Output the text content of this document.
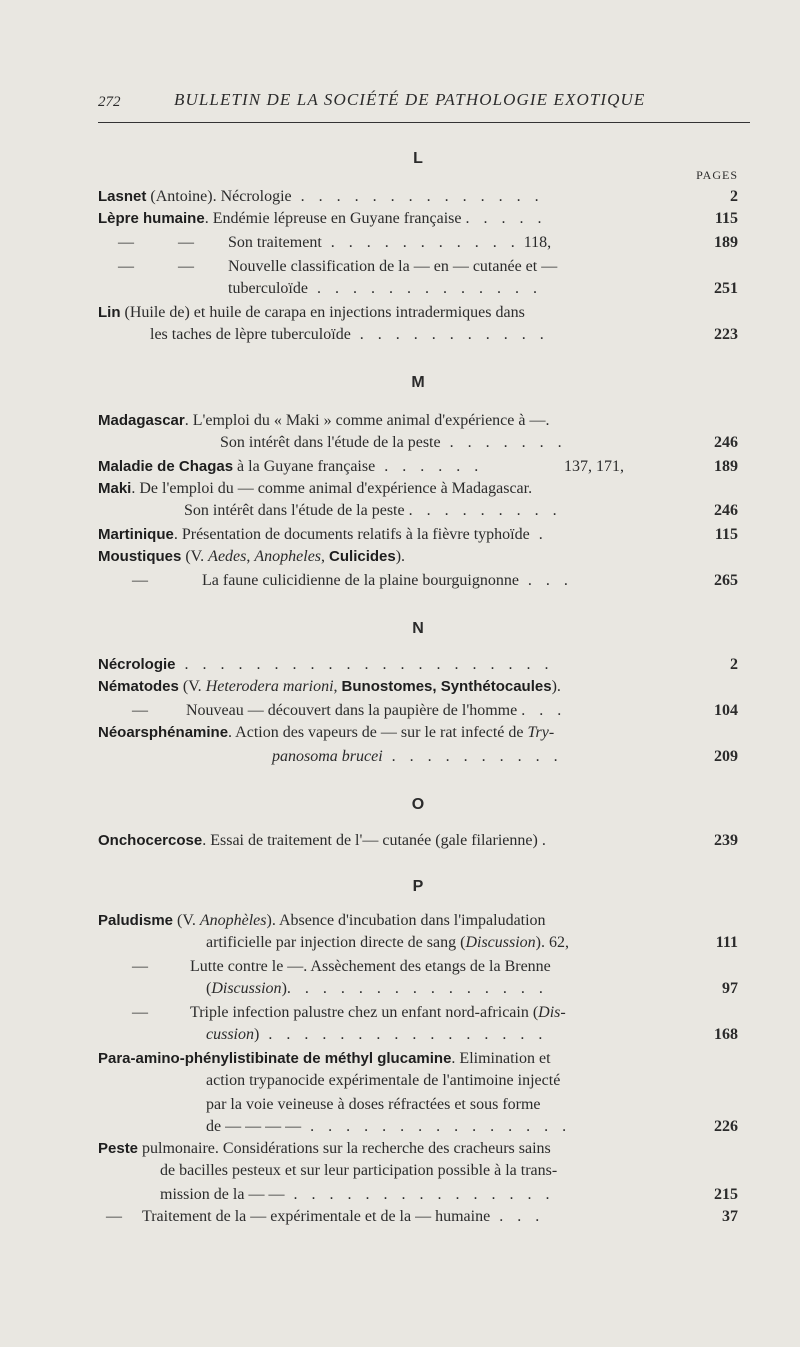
272	BULLETIN DE LA SOCIÉTÉ DE PATHOLOGIE EXOTIQUE
L
PAGES
Lasnet (Antoine). Nécrologie . . . . . . . . . . . . . .	2
Lèpre humaine. Endémie lépreuse en Guyane française . . . . .	115
—	— Son traitement . . . . . . . . . . . 118,	189
—	— Nouvelle classification de la — en — cutanée et —
tuberculoïde . . . . . . . . . . . . .	251
Lin (Huile de) et huile de carapa en injections intradermiques dans
les taches de lèpre tuberculoïde . . . . . . . . . . .	223
M
Madagascar. L'emploi du « Maki » comme animal d'expérience à —.
Son intérêt dans l'étude de la peste . . . . . . .	246
Maladie de Chagas à la Guyane française . . . . . .	137, 171,	189
Maki. De l'emploi du — comme animal d'expérience à Madagascar.
Son intérêt dans l'étude de la peste . . . . . . . . .	246
Martinique. Présentation de documents relatifs à la fièvre typhoïde .	115
Moustiques (V. Aedes, Anopheles, Culicides).
—	La faune culicidienne de la plaine bourguignonne . . .	265
N
Nécrologie . . . . . . . . . . . . . . . . . . . . .	2
Nématodes (V. Heterodera marioni, Bunostomes, Synthétocaules).
— Nouveau — découvert dans la paupière de l'homme . . .	104
Néoarsphénamine. Action des vapeurs de — sur le rat infecté de Try-
panosoma brucei . . . . . . . . . .	209
O
Onchocercose. Essai de traitement de l'— cutanée (gale filarienne) .	239
P
Paludisme (V. Anophèles). Absence d'incubation dans l'impaludation
artificielle par injection directe de sang (Discussion). 62,	111
—	Lutte contre le —. Assèchement des etangs de la Brenne
(Discussion). . . . . . . . . . . . . . .	97
—	Triple infection palustre chez un enfant nord-africain (Dis-
cussion) . . . . . . . . . . . . . . . .	168
Para-amino-phénylistibinate de méthyl glucamine. Elimination et
action trypanocide expérimentale de l'antimoine injecté
par la voie veineuse à doses réfractées et sous forme
de — — — — . . . . . . . . . . . . . . .	226
Peste pulmonaire. Considérations sur la recherche des cracheurs sains
de bacilles pesteux et sur leur participation possible à la trans-
mission de la — — . . . . . . . . . . . . . . .	215
— Traitement de la — expérimentale et de la — humaine . . .	37
